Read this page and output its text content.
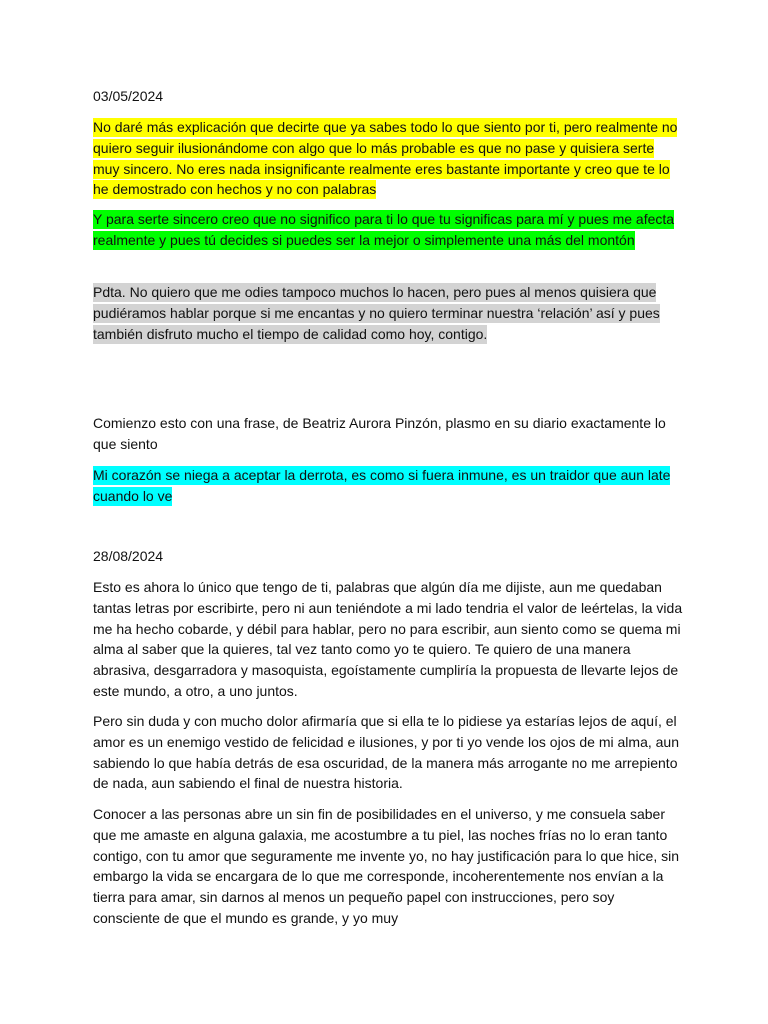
03/05/2024

No daré más explicación que decirte que ya sabes todo lo que siento por ti, pero realmente no quiero seguir ilusionándome con algo que lo más probable es que no pase y quisiera serte muy sincero. No eres nada insignificante realmente eres bastante importante y creo que te lo he demostrado con hechos y no con palabras

Y para serte sincero creo que no significo para ti lo que tu significas para mí y pues me afecta realmente y pues tú decides si puedes ser la mejor o simplemente una más del montón

Pdta. No quiero que me odies tampoco muchos lo hacen, pero pues al menos quisiera que pudiéramos hablar porque si me encantas y no quiero terminar nuestra ‘relación’ así y pues también disfruto mucho el tiempo de calidad como hoy, contigo.

Comienzo esto con una frase, de Beatriz Aurora Pinzón, plasmo en su diario exactamente lo que siento

Mi corazón se niega a aceptar la derrota, es como si fuera inmune, es un traidor que aun late cuando lo ve

28/08/2024

Esto es ahora lo único que tengo de ti, palabras que algún día me dijiste, aun me quedaban tantas letras por escribirte, pero ni aun teniéndote a mi lado tendria el valor de leértelas, la vida me ha hecho cobarde, y débil para hablar, pero no para escribir, aun siento como se quema mi alma al saber que la quieres, tal vez tanto como yo te quiero. Te quiero de una manera abrasiva, desgarradora y masoquista, egoístamente cumpliría la propuesta de llevarte lejos de este mundo, a otro, a uno juntos.

Pero sin duda y con mucho dolor afirmaría que si ella te lo pidiese ya estarías lejos de aquí, el amor es un enemigo vestido de felicidad e ilusiones, y por ti yo vende los ojos de mi alma, aun sabiendo lo que había detrás de esa oscuridad, de la manera más arrogante no me arrepiento de nada, aun sabiendo el final de nuestra historia.

Conocer a las personas abre un sin fin de posibilidades en el universo, y me consuela saber que me amaste en alguna galaxia, me acostumbre a tu piel, las noches frías no lo eran tanto contigo, con tu amor que seguramente me invente yo, no hay justificación para lo que hice, sin embargo la vida se encargara de lo que me corresponde, incoherentemente nos envían a la tierra para amar, sin darnos al menos un pequeño papel con instrucciones, pero soy consciente de que el mundo es grande, y yo muy
